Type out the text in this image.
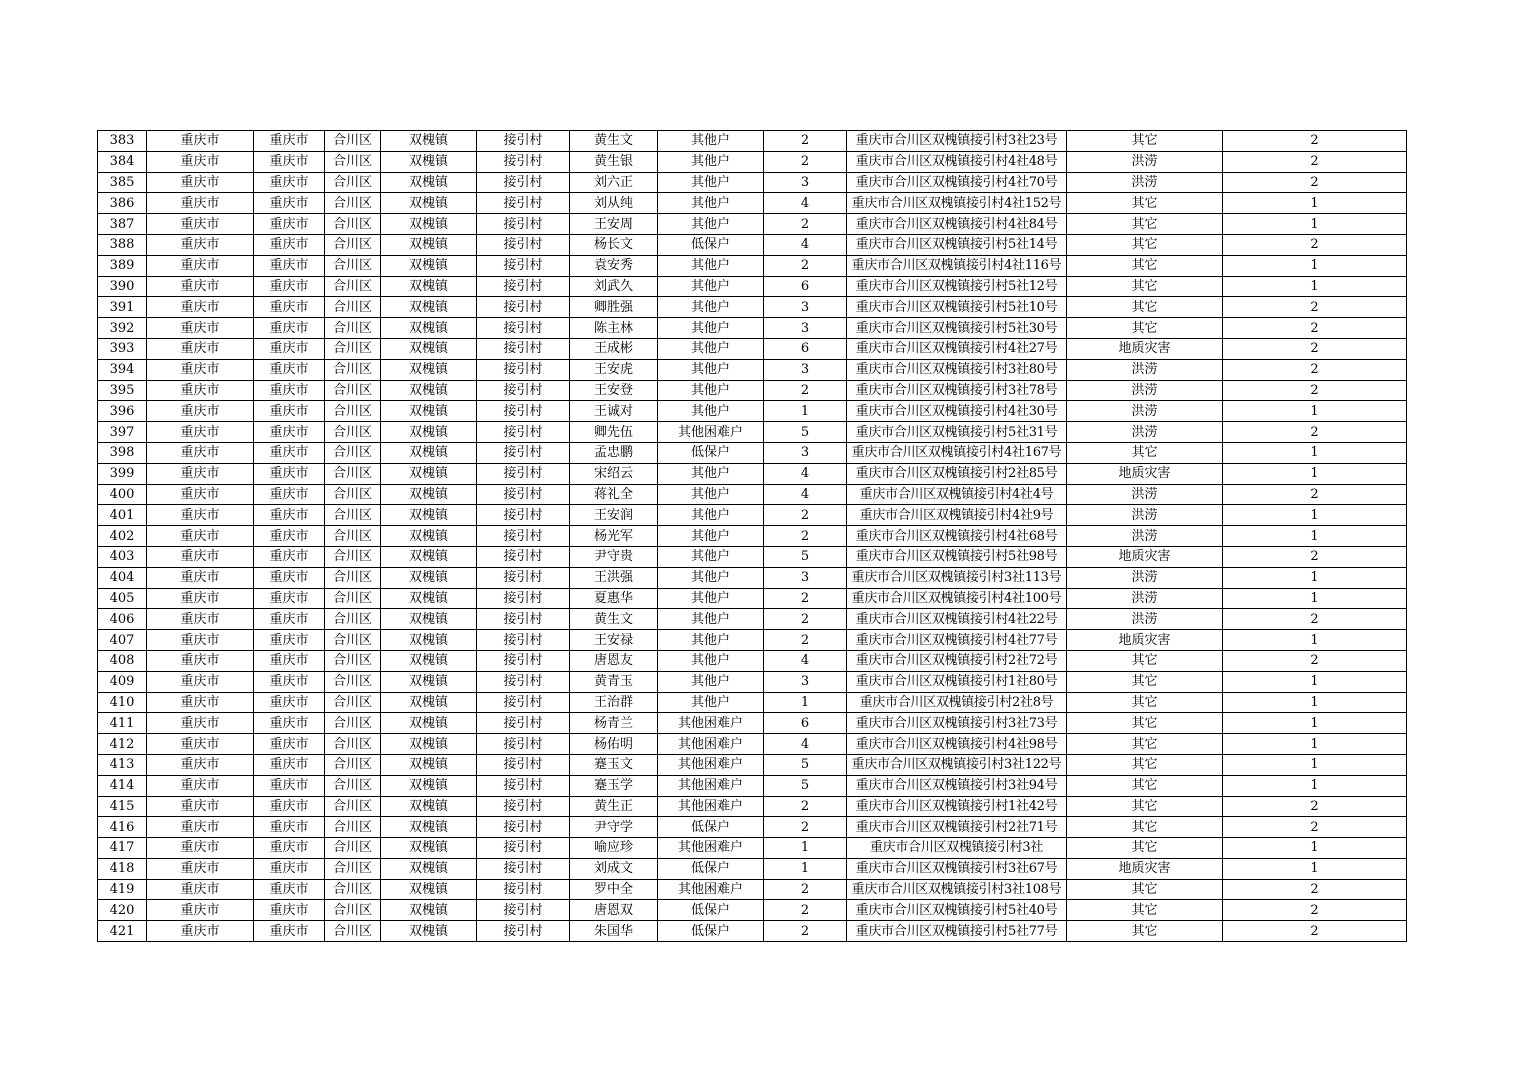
383	重庆市	重庆市	合川区	双槐镇	接引村	黄生文	其他户	2	重庆市合川区双槐镇接引村3社23号	其它	2
384	重庆市	重庆市	合川区	双槐镇	接引村	黄生银	其他户	2	重庆市合川区双槐镇接引村4社48号	洪涝	2
385	重庆市	重庆市	合川区	双槐镇	接引村	刘六正	其他户	3	重庆市合川区双槐镇接引村4社70号	洪涝	2
386	重庆市	重庆市	合川区	双槐镇	接引村	刘从纯	其他户	4	重庆市合川区双槐镇接引村4社152号	其它	1
387	重庆市	重庆市	合川区	双槐镇	接引村	王安周	其他户	2	重庆市合川区双槐镇接引村4社84号	其它	1
388	重庆市	重庆市	合川区	双槐镇	接引村	杨长文	低保户	4	重庆市合川区双槐镇接引村5社14号	其它	2
389	重庆市	重庆市	合川区	双槐镇	接引村	袁安秀	其他户	2	重庆市合川区双槐镇接引村4社116号	其它	1
390	重庆市	重庆市	合川区	双槐镇	接引村	刘武久	其他户	6	重庆市合川区双槐镇接引村5社12号	其它	1
391	重庆市	重庆市	合川区	双槐镇	接引村	卿胜强	其他户	3	重庆市合川区双槐镇接引村5社10号	其它	2
392	重庆市	重庆市	合川区	双槐镇	接引村	陈主林	其他户	3	重庆市合川区双槐镇接引村5社30号	其它	2
393	重庆市	重庆市	合川区	双槐镇	接引村	王成彬	其他户	6	重庆市合川区双槐镇接引村4社27号	地质灾害	2
394	重庆市	重庆市	合川区	双槐镇	接引村	王安虎	其他户	3	重庆市合川区双槐镇接引村3社80号	洪涝	2
395	重庆市	重庆市	合川区	双槐镇	接引村	王安登	其他户	2	重庆市合川区双槐镇接引村3社78号	洪涝	2
396	重庆市	重庆市	合川区	双槐镇	接引村	王诚对	其他户	1	重庆市合川区双槐镇接引村4社30号	洪涝	1
397	重庆市	重庆市	合川区	双槐镇	接引村	卿先伍	其他困难户	5	重庆市合川区双槐镇接引村5社31号	洪涝	2
398	重庆市	重庆市	合川区	双槐镇	接引村	孟忠鹏	低保户	3	重庆市合川区双槐镇接引村4社167号	其它	1
399	重庆市	重庆市	合川区	双槐镇	接引村	宋绍云	其他户	4	重庆市合川区双槐镇接引村2社85号	地质灾害	1
400	重庆市	重庆市	合川区	双槐镇	接引村	蒋礼全	其他户	4	重庆市合川区双槐镇接引村4社4号	洪涝	2
401	重庆市	重庆市	合川区	双槐镇	接引村	王安润	其他户	2	重庆市合川区双槐镇接引村4社9号	洪涝	1
402	重庆市	重庆市	合川区	双槐镇	接引村	杨光军	其他户	2	重庆市合川区双槐镇接引村4社68号	洪涝	1
403	重庆市	重庆市	合川区	双槐镇	接引村	尹守贵	其他户	5	重庆市合川区双槐镇接引村5社98号	地质灾害	2
404	重庆市	重庆市	合川区	双槐镇	接引村	王洪强	其他户	3	重庆市合川区双槐镇接引村3社113号	洪涝	1
405	重庆市	重庆市	合川区	双槐镇	接引村	夏惠华	其他户	2	重庆市合川区双槐镇接引村4社100号	洪涝	1
406	重庆市	重庆市	合川区	双槐镇	接引村	黄生文	其他户	2	重庆市合川区双槐镇接引村4社22号	洪涝	2
407	重庆市	重庆市	合川区	双槐镇	接引村	王安禄	其他户	2	重庆市合川区双槐镇接引村4社77号	地质灾害	1
408	重庆市	重庆市	合川区	双槐镇	接引村	唐恩友	其他户	4	重庆市合川区双槐镇接引村2社72号	其它	2
409	重庆市	重庆市	合川区	双槐镇	接引村	黄青玉	其他户	3	重庆市合川区双槐镇接引村1社80号	其它	1
410	重庆市	重庆市	合川区	双槐镇	接引村	王治群	其他户	1	重庆市合川区双槐镇接引村2社8号	其它	1
411	重庆市	重庆市	合川区	双槐镇	接引村	杨青兰	其他困难户	6	重庆市合川区双槐镇接引村3社73号	其它	1
412	重庆市	重庆市	合川区	双槐镇	接引村	杨佑明	其他困难户	4	重庆市合川区双槐镇接引村4社98号	其它	1
413	重庆市	重庆市	合川区	双槐镇	接引村	蹇玉文	其他困难户	5	重庆市合川区双槐镇接引村3社122号	其它	1
414	重庆市	重庆市	合川区	双槐镇	接引村	蹇玉学	其他困难户	5	重庆市合川区双槐镇接引村3社94号	其它	1
415	重庆市	重庆市	合川区	双槐镇	接引村	黄生正	其他困难户	2	重庆市合川区双槐镇接引村1社42号	其它	2
416	重庆市	重庆市	合川区	双槐镇	接引村	尹守学	低保户	2	重庆市合川区双槐镇接引村2社71号	其它	2
417	重庆市	重庆市	合川区	双槐镇	接引村	喻应珍	其他困难户	1	重庆市合川区双槐镇接引村3社	其它	1
418	重庆市	重庆市	合川区	双槐镇	接引村	刘成文	低保户	1	重庆市合川区双槐镇接引村3社67号	地质灾害	1
419	重庆市	重庆市	合川区	双槐镇	接引村	罗中全	其他困难户	2	重庆市合川区双槐镇接引村3社108号	其它	2
420	重庆市	重庆市	合川区	双槐镇	接引村	唐恩双	低保户	2	重庆市合川区双槐镇接引村5社40号	其它	2
421	重庆市	重庆市	合川区	双槐镇	接引村	朱国华	低保户	2	重庆市合川区双槐镇接引村5社77号	其它	2
